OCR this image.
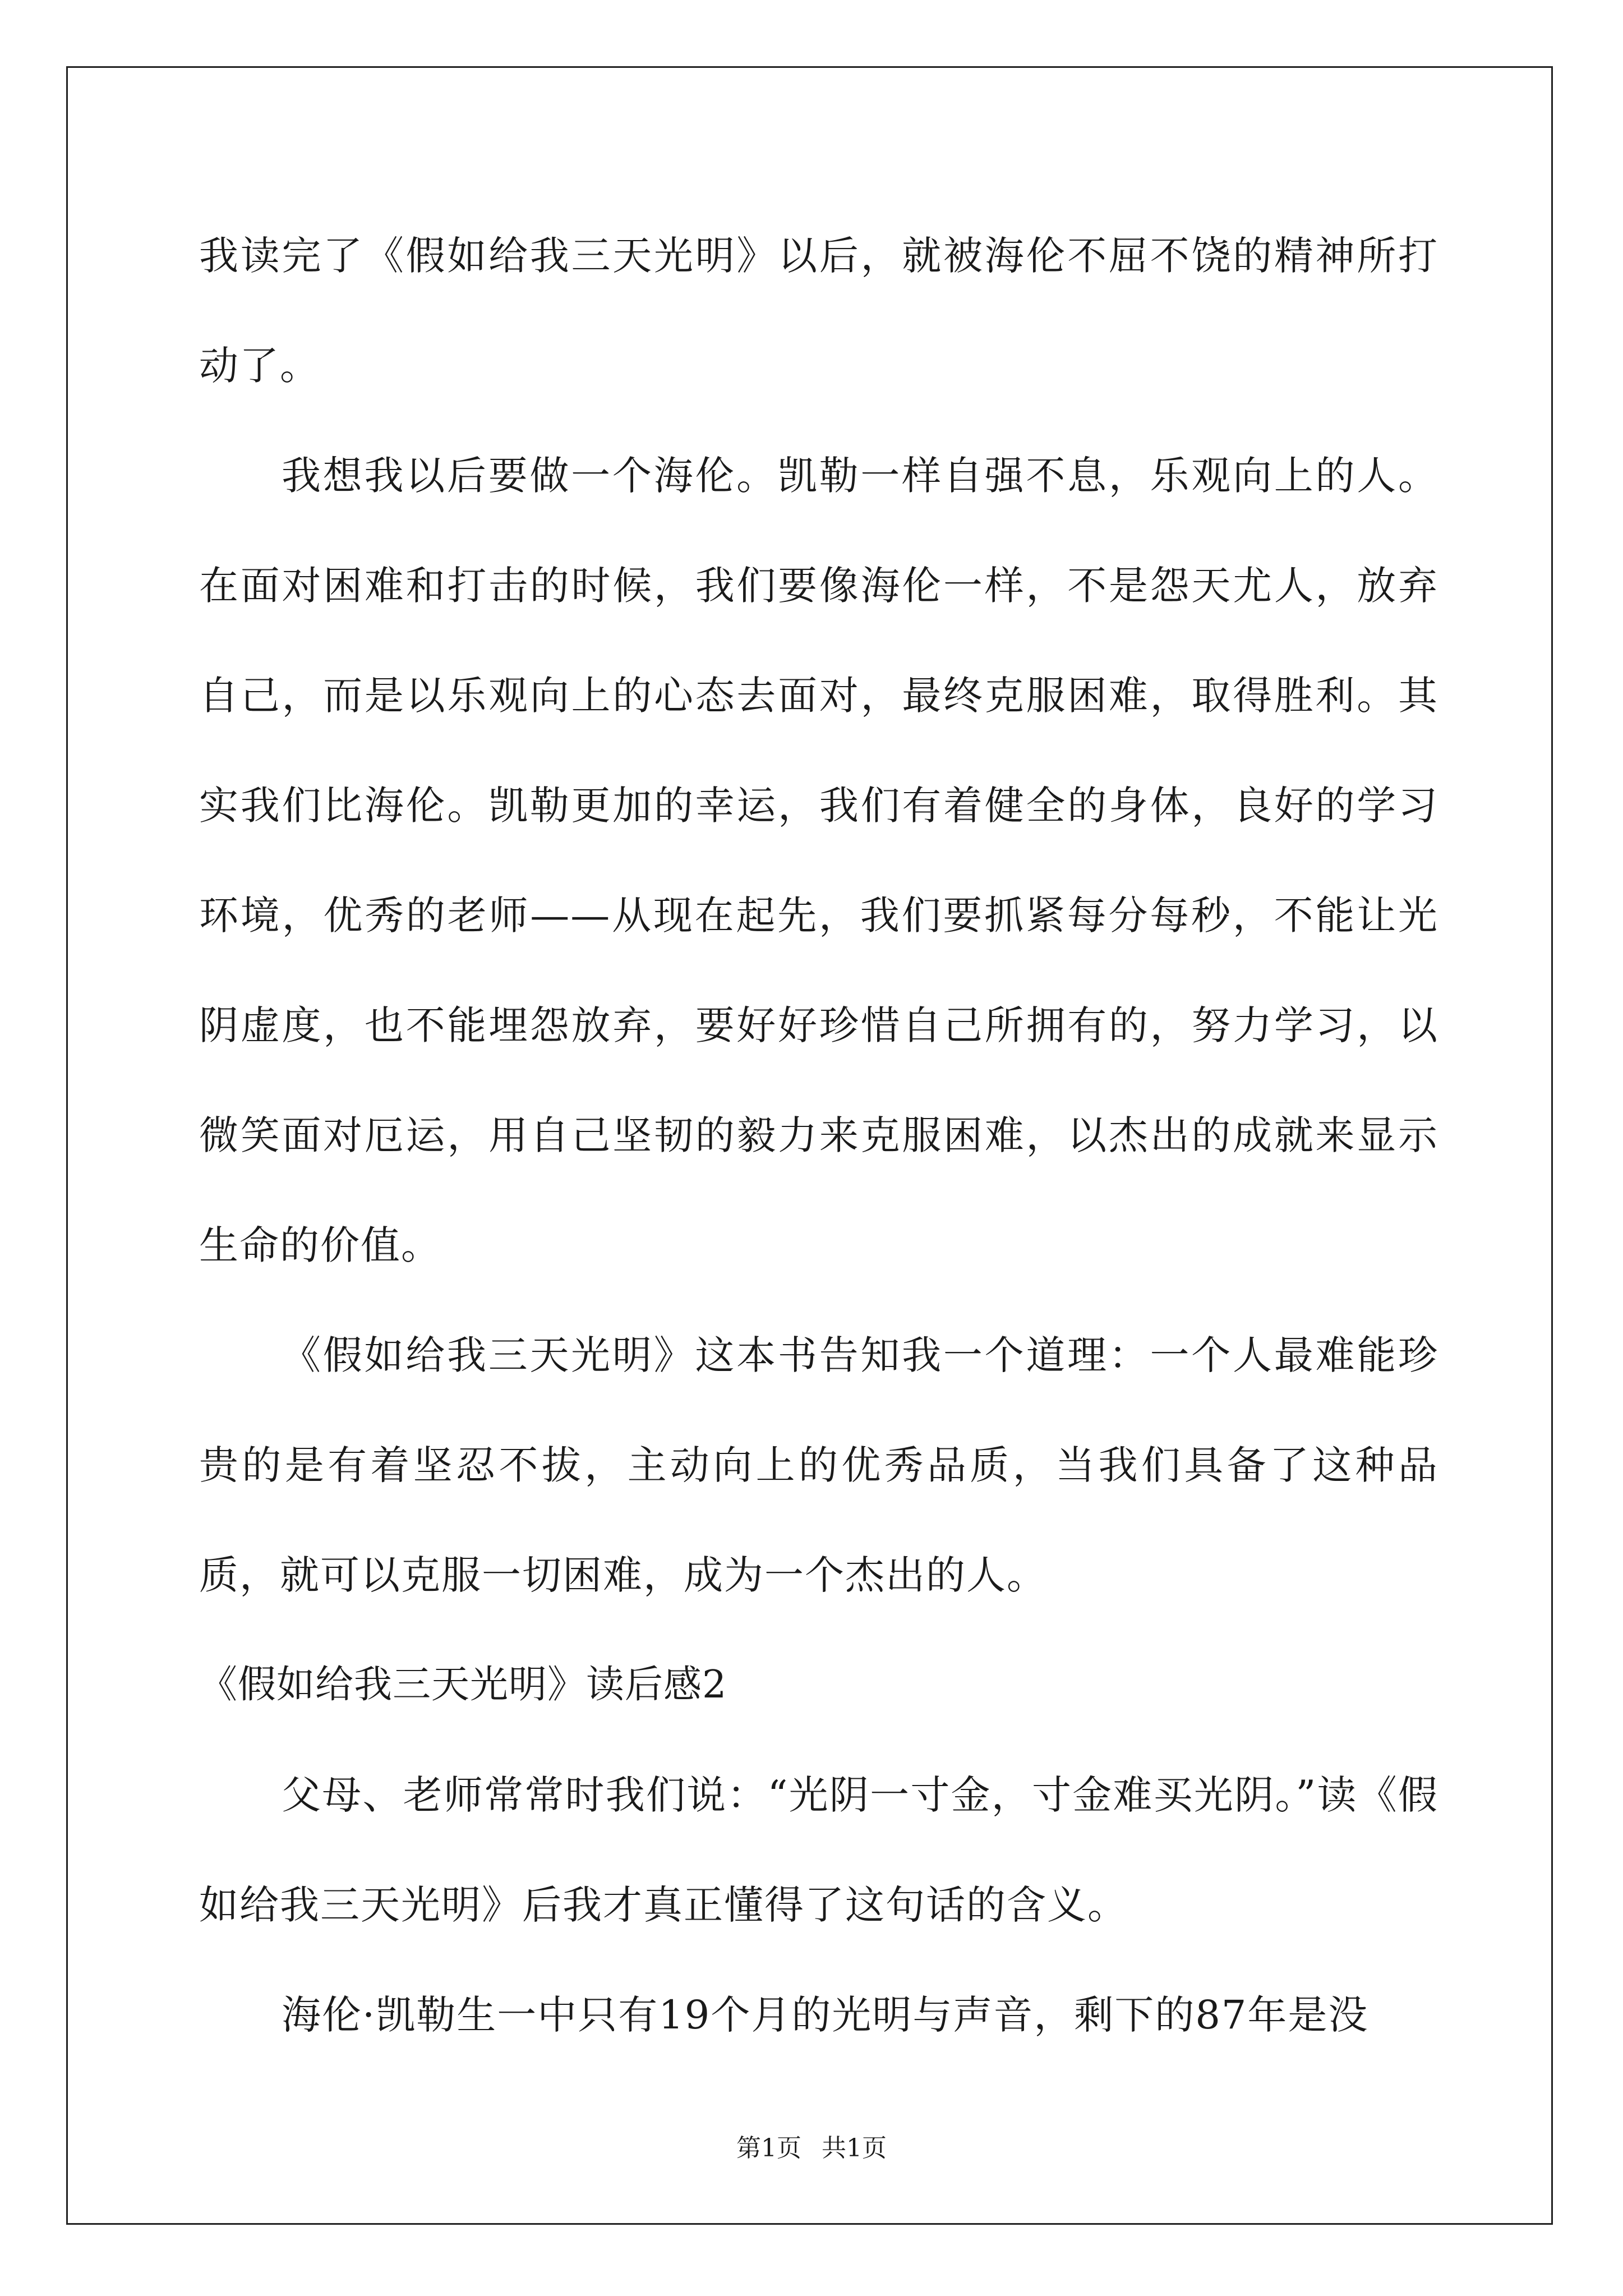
我读完了《假如给我三天光明》以后，就被海伦不屈不饶的精神所打动了。

我想我以后要做一个海伦。凯勒一样自强不息，乐观向上的人。在面对困难和打击的时候，我们要像海伦一样，不是怨天尤人，放弃自己，而是以乐观向上的心态去面对，最终克服困难，取得胜利。其实我们比海伦。凯勒更加的幸运，我们有着健全的身体，良好的学习环境，优秀的老师——从现在起先，我们要抓紧每分每秒，不能让光阴虚度，也不能埋怨放弃，要好好珍惜自己所拥有的，努力学习，以微笑面对厄运，用自己坚韧的毅力来克服困难，以杰出的成就来显示生命的价值。

《假如给我三天光明》这本书告知我一个道理：一个人最难能珍贵的是有着坚忍不拔，主动向上的优秀品质，当我们具备了这种品质，就可以克服一切困难，成为一个杰出的人。

《假如给我三天光明》读后感2

父母、老师常常时我们说：“光阴一寸金，寸金难买光阴。”读《假如给我三天光明》后我才真正懂得了这句话的含义。

海伦·凯勒生一中只有19个月的光明与声音，剩下的87年是没

第1页 共1页
